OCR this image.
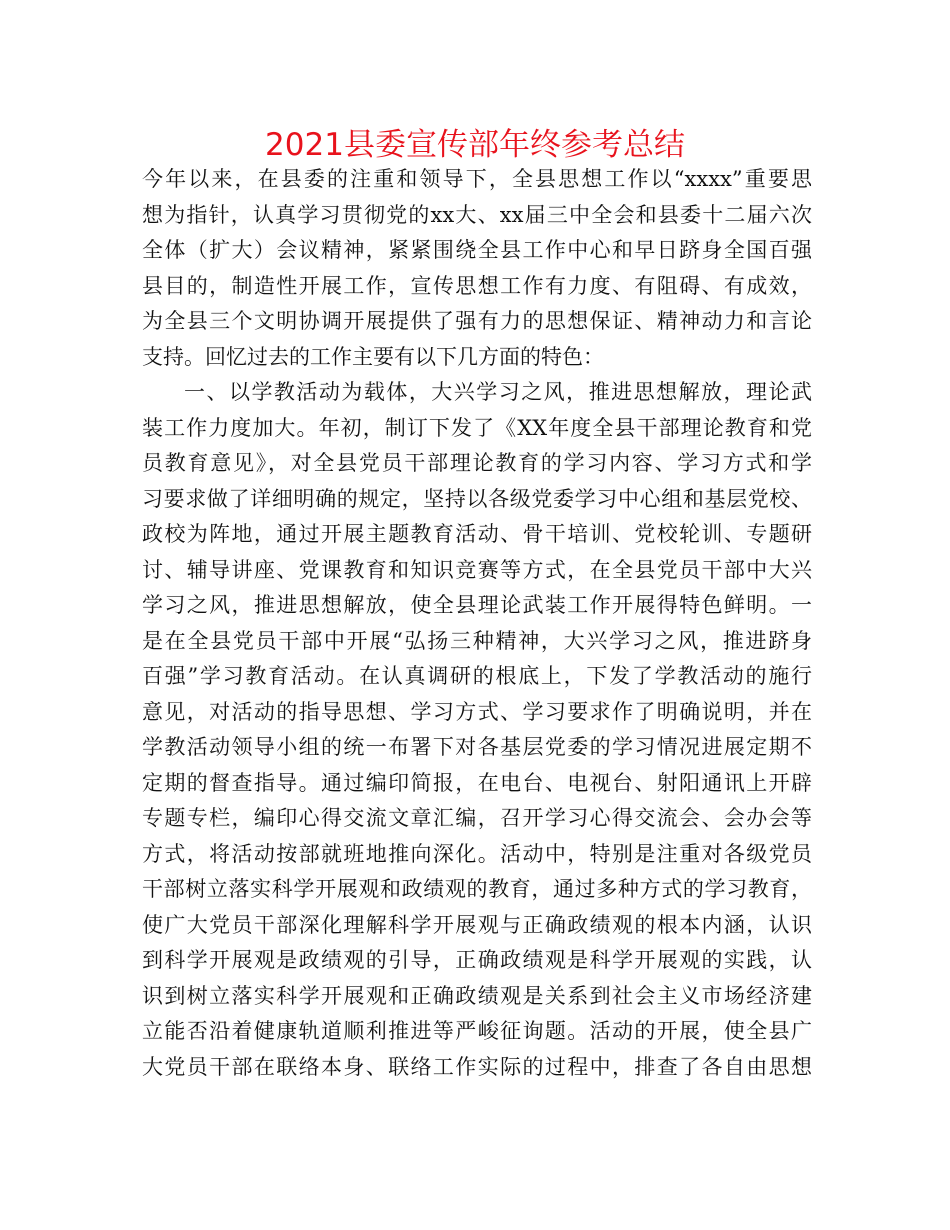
2021县委宣传部年终参考总结
今年以来，在县委的注重和领导下，全县思想工作以“xxxx”重要思
想为指针，认真学习贯彻党的xx大、xx届三中全会和县委十二届六次
全体（扩大）会议精神，紧紧围绕全县工作中心和早日跻身全国百强
县目的，制造性开展工作，宣传思想工作有力度、有阻碍、有成效，
为全县三个文明协调开展提供了强有力的思想保证、精神动力和言论
支持。回忆过去的工作主要有以下几方面的特色：
一、以学教活动为载体，大兴学习之风，推进思想解放，理论武
装工作力度加大。年初，制订下发了《XX年度全县干部理论教育和党
员教育意见》，对全县党员干部理论教育的学习内容、学习方式和学
习要求做了详细明确的规定，坚持以各级党委学习中心组和基层党校、
政校为阵地，通过开展主题教育活动、骨干培训、党校轮训、专题研
讨、辅导讲座、党课教育和知识竞赛等方式，在全县党员干部中大兴
学习之风，推进思想解放，使全县理论武装工作开展得特色鲜明。一
是在全县党员干部中开展“弘扬三种精神，大兴学习之风，推进跻身
百强”学习教育活动。在认真调研的根底上，下发了学教活动的施行
意见，对活动的指导思想、学习方式、学习要求作了明确说明，并在
学教活动领导小组的统一布署下对各基层党委的学习情况进展定期不
定期的督查指导。通过编印简报，在电台、电视台、射阳通讯上开辟
专题专栏，编印心得交流文章汇编，召开学习心得交流会、会办会等
方式，将活动按部就班地推向深化。活动中，特别是注重对各级党员
干部树立落实科学开展观和政绩观的教育，通过多种方式的学习教育，
使广大党员干部深化理解科学开展观与正确政绩观的根本内涵，认识
到科学开展观是政绩观的引导，正确政绩观是科学开展观的实践，认
识到树立落实科学开展观和正确政绩观是关系到社会主义市场经济建
立能否沿着健康轨道顺利推进等严峻征询题。活动的开展，使全县广
大党员干部在联络本身、联络工作实际的过程中，排查了各自由思想
